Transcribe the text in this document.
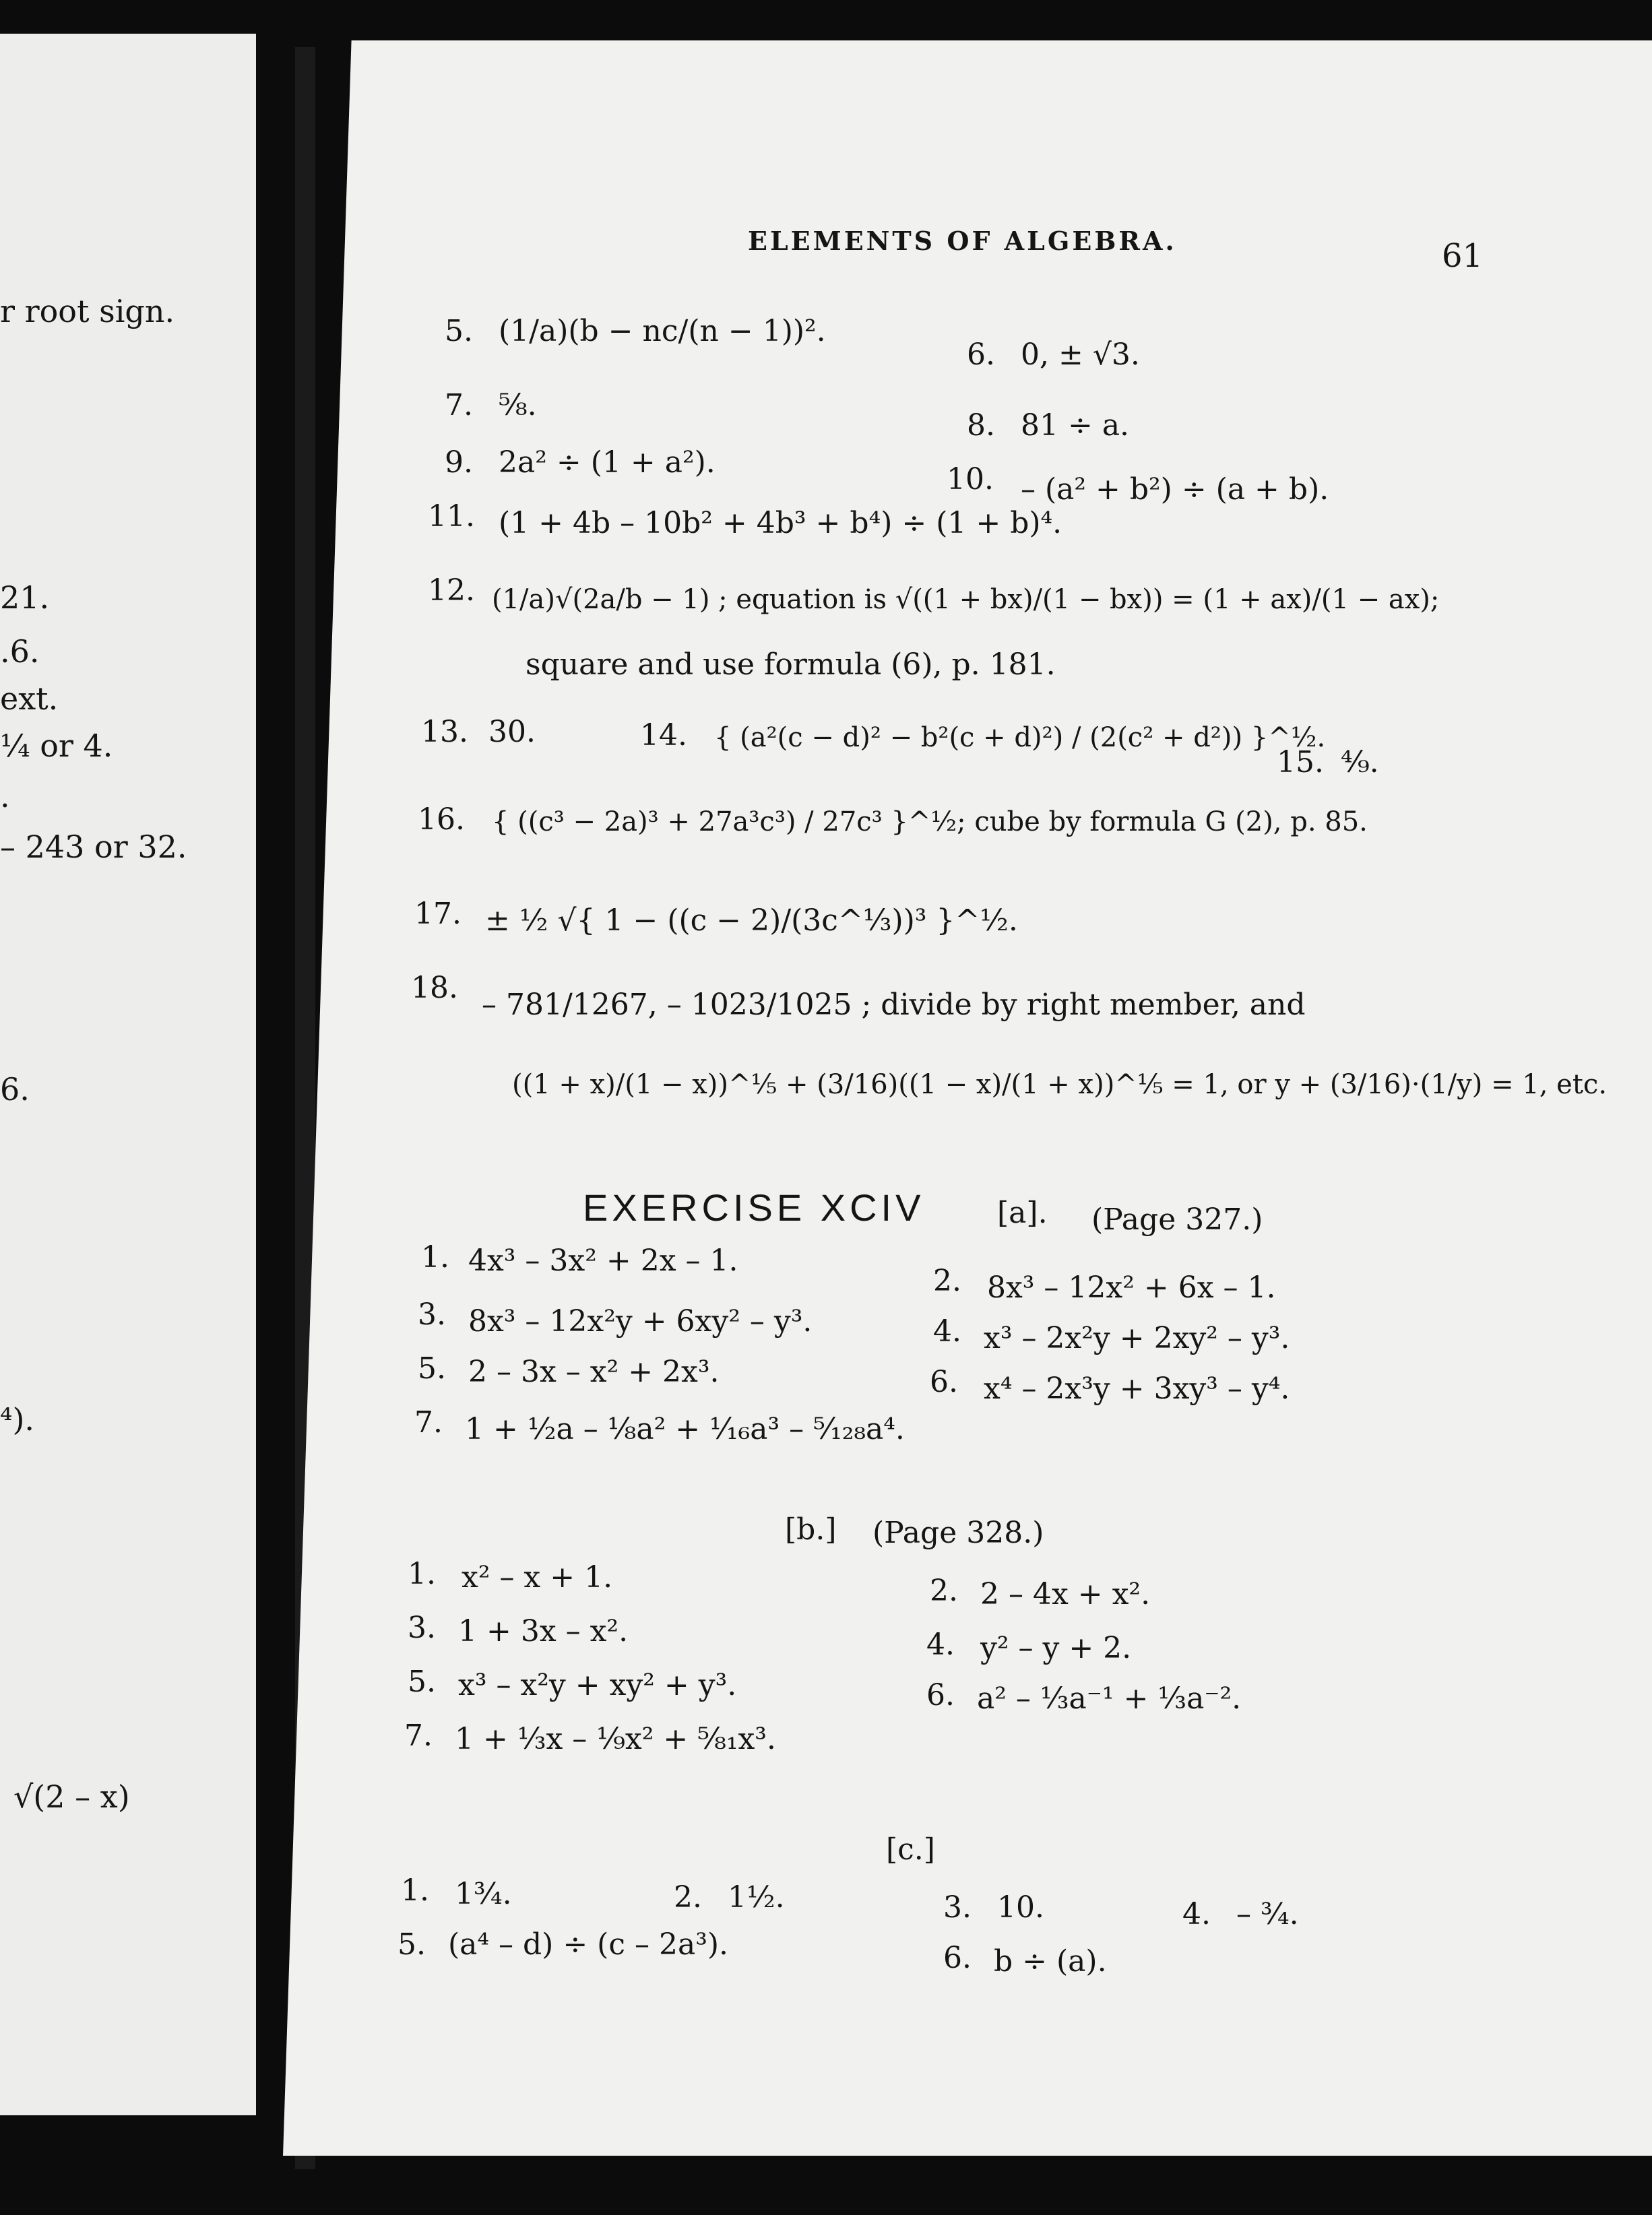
r root sign.
21.
.6.
ext.
¼ or 4.
.
– 243 or 32.
6.
⁴).
√(2 – x)
ELEMENTS OF ALGEBRA.	61
5. (1/a)(b − nc/(n − 1))².
6. 0, ± √3.
7. ⅝.
8. 81 ÷ a.
9. 2a² ÷ (1 + a²).	10. – (a² + b²) ÷ (a + b).
11. (1 + 4b – 10b² + 4b³ + b⁴) ÷ (1 + b)⁴.
12. (1/a)√(2a/b − 1) ; equation is √((1 + bx)/(1 − bx)) = (1 + ax)/(1 − ax);
square and use formula (6), p. 181.
13. 30.	14. { (a²(c − d)² − b²(c + d)²) / (2(c² + d²)) }^½.
15. ⁴⁄₉.
16. { ((c³ − 2a)³ + 27a³c³) / 27c³ }^½; cube by formula G (2), p. 85.
17. ± ½ √{ 1 − ((c − 2)/(3c^⅓))³ }^½.
18. – 781/1267, – 1023/1025 ; divide by right member, and
((1 + x)/(1 − x))^⅕ + (3/16)((1 − x)/(1 + x))^⅕ = 1, or y + (3/16)·(1/y) = 1, etc.
EXERCISE XCIV [a]. (Page 327.)
1. 4x³ – 3x² + 2x – 1.
2. 8x³ – 12x² + 6x – 1.
3. 8x³ – 12x²y + 6xy² – y³.	4. x³ – 2x²y + 2xy² – y³.
5. 2 – 3x – x² + 2x³.	6. x⁴ – 2x³y + 3xy³ – y⁴.
7. 1 + ½a – ⅛a² + ¹⁄₁₆a³ – ⁵⁄₁₂₈a⁴.
[b.] (Page 328.)
1. x² – x + 1.	2. 2 – 4x + x².
3. 1 + 3x – x².	4. y² – y + 2.
5. x³ – x²y + xy² + y³.	6. a² – ⅓a⁻¹ + ⅓a⁻².
7. 1 + ⅓x – ⅑x² + ⁵⁄₈₁x³.
[c.]
1. 1¾.	2. 1½.	3. 10.	4. – ¾.
5. (a⁴ – d) ÷ (c – 2a³).	6. b ÷ (a).
